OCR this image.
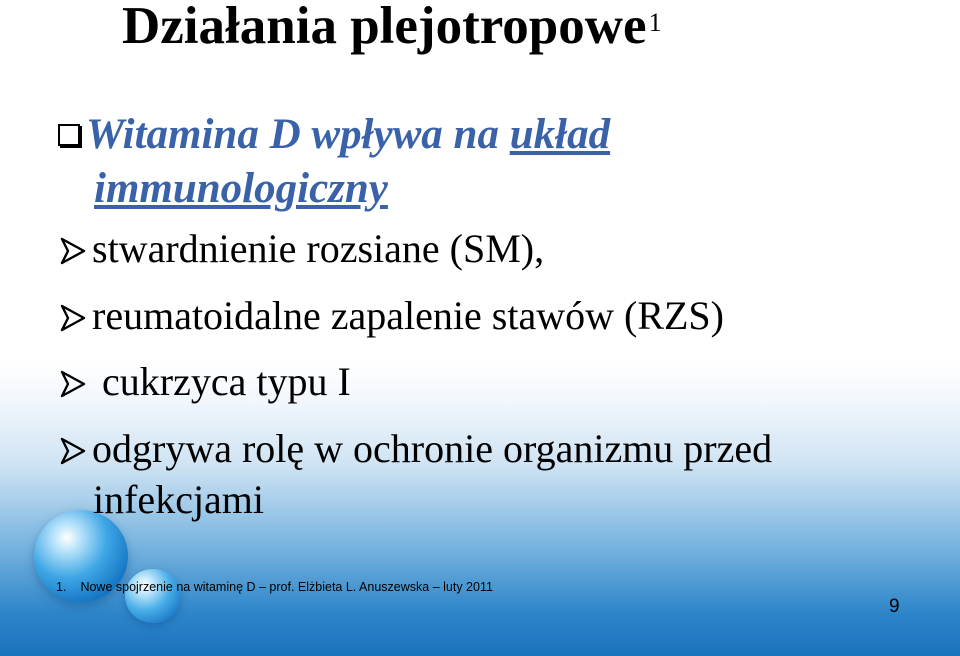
Działania plejotropowe$^1$
Witamina D wpływa na układ
immunologiczny
stwardnienie rozsiane (SM),
reumatoidalne zapalenie stawów (RZS)
cukrzyca typu I
odgrywa rolę w ochronie organizmu przed
infekcjami
1. Nowe spojrzenie na witaminę D – prof. Elżbieta L. Anuszewska – luty 2011
9
